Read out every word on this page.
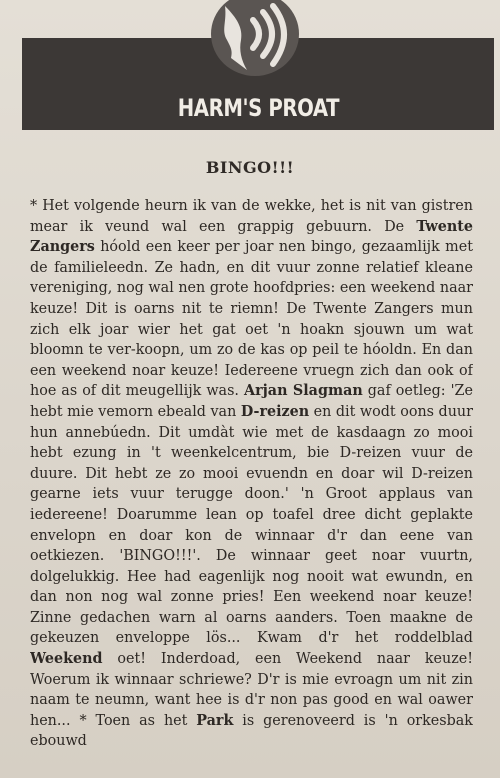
HARM'S PROAT
BINGO!!!
* Het volgende heurn ik van de wekke, het is nit van gistren mear ik veund wal een grappig gebuurn. De Twente Zangers hóold een keer per joar nen bingo, gezaamlijk met de familieleedn. Ze hadn, en dit vuur zonne relatief kleane vereniging, nog wal nen grote hoofdpries: een weekend naar keuze! Dit is oarns nit te riemn! De Twente Zangers mun zich elk joar wier het gat oet 'n hoakn sjouwn um wat bloomn te ver-koopn, um zo de kas op peil te hóoldn. En dan een weekend noar keuze! Iedereene vruegn zich dan ook of hoe as of dit meugellijk was. Arjan Slagman gaf oetleg: 'Ze hebt mie vemorn ebeald van D-reizen en dit wodt oons duur hun annebúedn. Dit umdàt wie met de kasdaagn zo mooi hebt ezung in 't weenkelcentrum, bie D-reizen vuur de duure. Dit hebt ze zo mooi evuendn en doar wil D-reizen gearne iets vuur terugge doon.' 'n Groot applaus van iedereene! Doarumme lean op toafel dree dicht geplakte envelopn en doar kon de winnaar d'r dan eene van oetkiezen. 'BINGO!!!'. De winnaar geet noar vuurtn, dolgelukkig. Hee had eagenlijk nog nooit wat ewundn, en dan non nog wal zonne pries! Een weekend noar keuze! Zinne gedachen warn al oarns aanders. Toen maakne de gekeuzen enveloppe lös... Kwam d'r het roddelblad Weekend oet! Inderdoad, een Weekend naar keuze! Woerum ik winnaar schriewe? D'r is mie evroagn um nit zin naam te neumn, want hee is d'r non pas good en wal oawer hen... * Toen as het Park is gerenoveerd is 'n orkesbak ebouwd
